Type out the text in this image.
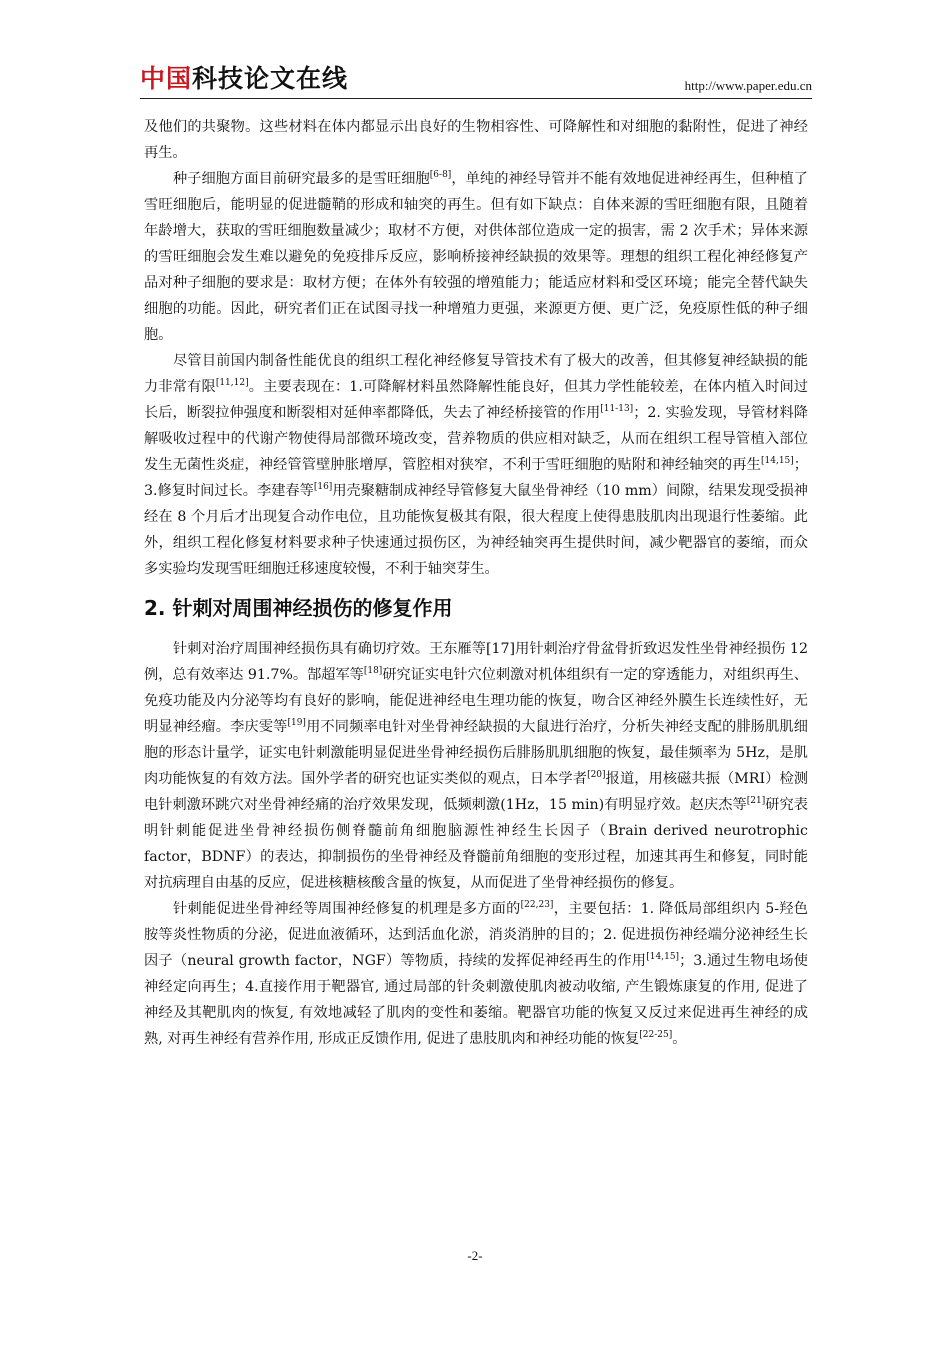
中国科技论文在线	http://www.paper.edu.cn

及他们的共聚物。这些材料在体内都显示出良好的生物相容性、可降解性和对细胞的黏附性，促进了神经再生。

种子细胞方面目前研究最多的是雪旺细胞[6-8]，单纯的神经导管并不能有效地促进神经再生，但种植了雪旺细胞后，能明显的促进髓鞘的形成和轴突的再生。但有如下缺点：自体来源的雪旺细胞有限，且随着年龄增大，获取的雪旺细胞数量减少；取材不方便，对供体部位造成一定的损害，需 2 次手术；异体来源的雪旺细胞会发生难以避免的免疫排斥反应，影响桥接神经缺损的效果等。理想的组织工程化神经修复产品对种子细胞的要求是：取材方便；在体外有较强的增殖能力；能适应材料和受区环境；能完全替代缺失细胞的功能。因此，研究者们正在试图寻找一种增殖力更强，来源更方便、更广泛，免疫原性低的种子细胞。

尽管目前国内制备性能优良的组织工程化神经修复导管技术有了极大的改善，但其修复神经缺损的能力非常有限[11,12]。主要表现在：1.可降解材料虽然降解性能良好，但其力学性能较差，在体内植入时间过长后，断裂拉伸强度和断裂相对延伸率都降低，失去了神经桥接管的作用[11-13]；2. 实验发现，导管材料降解吸收过程中的代谢产物使得局部微环境改变，营养物质的供应相对缺乏，从而在组织工程导管植入部位发生无菌性炎症，神经管管壁肿胀增厚，管腔相对狭窄，不利于雪旺细胞的贴附和神经轴突的再生[14,15]；3.修复时间过长。李建春等[16]用壳聚糖制成神经导管修复大鼠坐骨神经（10 mm）间隙，结果发现受损神经在 8 个月后才出现复合动作电位，且功能恢复极其有限，很大程度上使得患肢肌肉出现退行性萎缩。此外，组织工程化修复材料要求种子快速通过损伤区，为神经轴突再生提供时间，减少靶器官的萎缩，而众多实验均发现雪旺细胞迁移速度较慢，不利于轴突芽生。

2. 针刺对周围神经损伤的修复作用

针刺对治疗周围神经损伤具有确切疗效。王东雁等[17]用针刺治疗骨盆骨折致迟发性坐骨神经损伤 12 例，总有效率达 91.7%。郜超军等[18]研究证实电针穴位刺激对机体组织有一定的穿透能力，对组织再生、免疫功能及内分泌等均有良好的影响，能促进神经电生理功能的恢复，吻合区神经外膜生长连续性好，无明显神经瘤。李庆雯等[19]用不同频率电针对坐骨神经缺损的大鼠进行治疗，分析失神经支配的腓肠肌肌细胞的形态计量学，证实电针刺激能明显促进坐骨神经损伤后腓肠肌肌细胞的恢复，最佳频率为 5Hz，是肌肉功能恢复的有效方法。国外学者的研究也证实类似的观点，日本学者[20]报道，用核磁共振（MRI）检测电针刺激环跳穴对坐骨神经痛的治疗效果发现，低频刺激(1Hz，15 min)有明显疗效。赵庆杰等[21]研究表明针刺能促进坐骨神经损伤侧脊髓前角细胞脑源性神经生长因子（Brain derived neurotrophic factor，BDNF）的表达，抑制损伤的坐骨神经及脊髓前角细胞的变形过程，加速其再生和修复，同时能对抗病理自由基的反应，促进核糖核酸含量的恢复，从而促进了坐骨神经损伤的修复。

针刺能促进坐骨神经等周围神经修复的机理是多方面的[22,23]，主要包括：1. 降低局部组织内 5-羟色胺等炎性物质的分泌，促进血液循环，达到活血化淤，消炎消肿的目的；2. 促进损伤神经端分泌神经生长因子（neural growth factor，NGF）等物质，持续的发挥促神经再生的作用[14,15]；3.通过生物电场使神经定向再生；4.直接作用于靶器官, 通过局部的针灸刺激使肌肉被动收缩, 产生锻炼康复的作用, 促进了神经及其靶肌肉的恢复, 有效地减轻了肌肉的变性和萎缩。靶器官功能的恢复又反过来促进再生神经的成熟, 对再生神经有营养作用, 形成正反馈作用, 促进了患肢肌肉和神经功能的恢复[22-25]。

-2-
